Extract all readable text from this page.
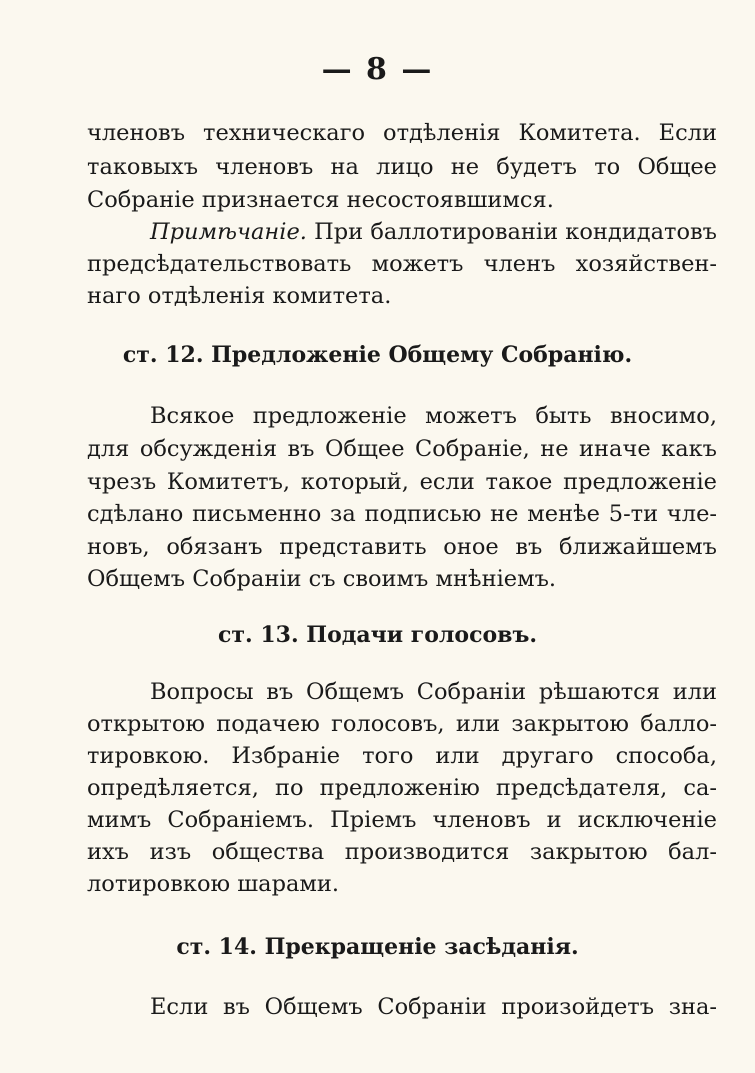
— 8 —
членовъ техническаго отдѣленія Комитета. Если
таковыхъ членовъ на лицо не будетъ то Общее
Собраніе признается несостоявшимся.
Примѣчаніе. При баллотированіи кондидатовъ
предсѣдательствовать можетъ членъ хозяйствен-
наго отдѣленія комитета.
ст. 12. Предложеніе Общему Собранію.
Всякое предложеніе можетъ быть вносимо,
для обсужденія въ Общее Собраніе, не иначе какъ
чрезъ Комитетъ, который, если такое предложеніе
сдѣлано письменно за подписью не менѣе 5-ти чле-
новъ, обязанъ представить оное въ ближайшемъ
Общемъ Собраніи съ своимъ мнѣніемъ.
ст. 13. Подачи голосовъ.
Вопросы въ Общемъ Собраніи рѣшаются или
открытою подачею голосовъ, или закрытою балло-
тировкою. Избраніе того или другаго способа,
опредѣляется, по предложенію предсѣдателя, са-
мимъ Собраніемъ. Пріемъ членовъ и исключеніе
ихъ изъ общества производится закрытою бал-
лотировкою шарами.
ст. 14. Прекращеніе засѣданія.
Если въ Общемъ Собраніи произойдетъ зна-
